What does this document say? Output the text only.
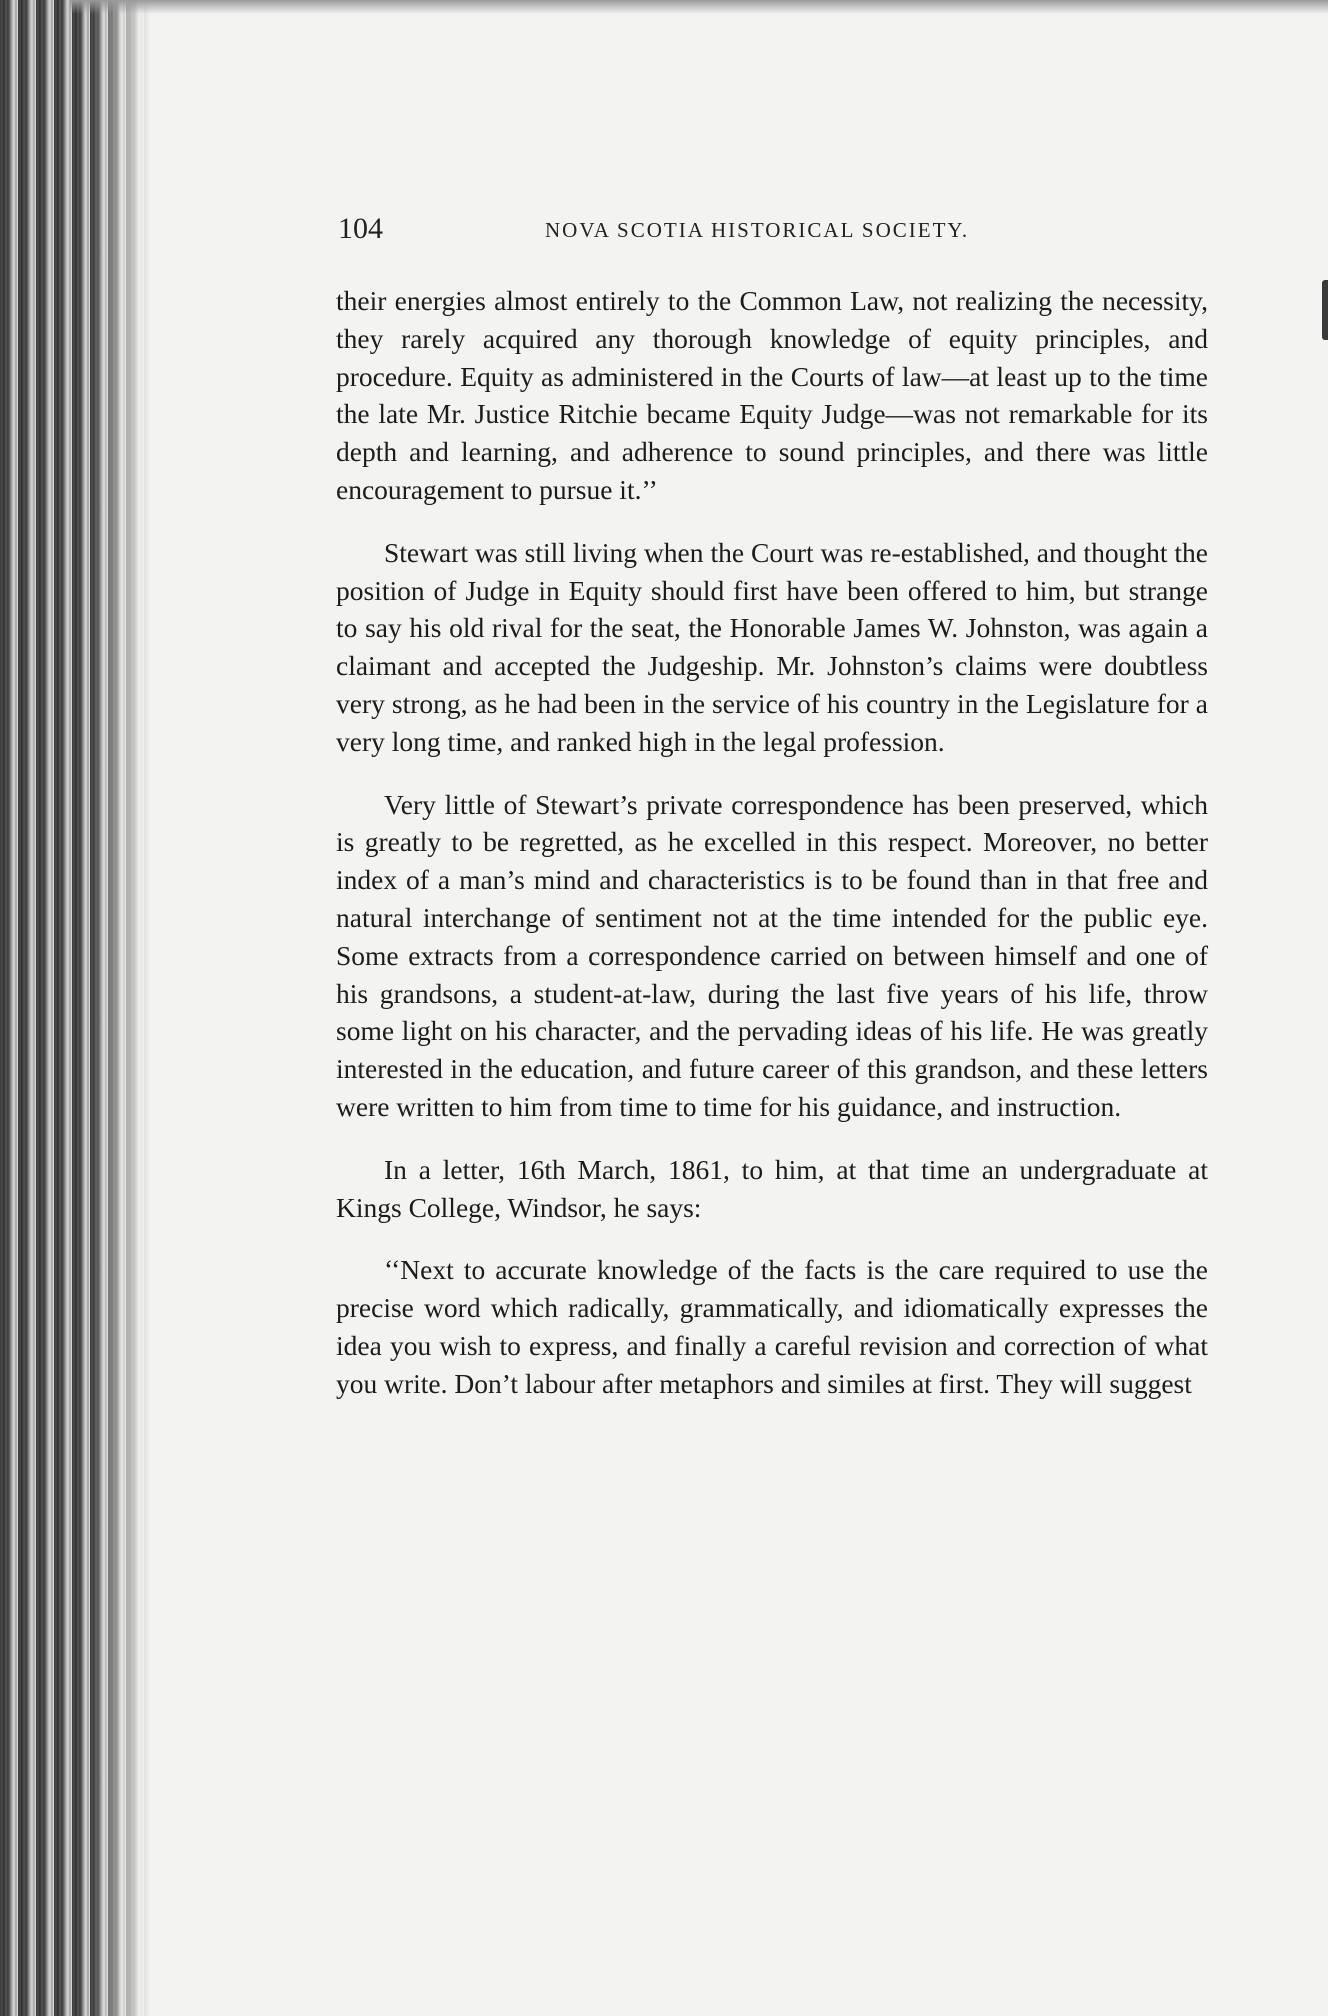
104	NOVA SCOTIA HISTORICAL SOCIETY.

their energies almost entirely to the Common Law, not realizing the necessity, they rarely acquired any thorough knowledge of equity principles, and procedure. Equity as administered in the Courts of law—at least up to the time the late Mr. Justice Ritchie became Equity Judge—was not remarkable for its depth and learning, and adherence to sound principles, and there was little encouragement to pursue it.’’

Stewart was still living when the Court was re-established, and thought the position of Judge in Equity should first have been offered to him, but strange to say his old rival for the seat, the Honorable James W. Johnston, was again a claimant and accepted the Judgeship. Mr. Johnston’s claims were doubtless very strong, as he had been in the service of his country in the Legislature for a very long time, and ranked high in the legal profession.

Very little of Stewart’s private correspondence has been preserved, which is greatly to be regretted, as he excelled in this respect. Moreover, no better index of a man’s mind and characteristics is to be found than in that free and natural interchange of sentiment not at the time intended for the public eye. Some extracts from a correspondence carried on between himself and one of his grandsons, a student-at-law, during the last five years of his life, throw some light on his character, and the pervading ideas of his life. He was greatly interested in the education, and future career of this grandson, and these letters were written to him from time to time for his guidance, and instruction.

In a letter, 16th March, 1861, to him, at that time an undergraduate at Kings College, Windsor, he says:

‘‘Next to accurate knowledge of the facts is the care required to use the precise word which radically, grammatically, and idiomatically expresses the idea you wish to express, and finally a careful revision and correction of what you write. Don’t labour after metaphors and similes at first. They will suggest
